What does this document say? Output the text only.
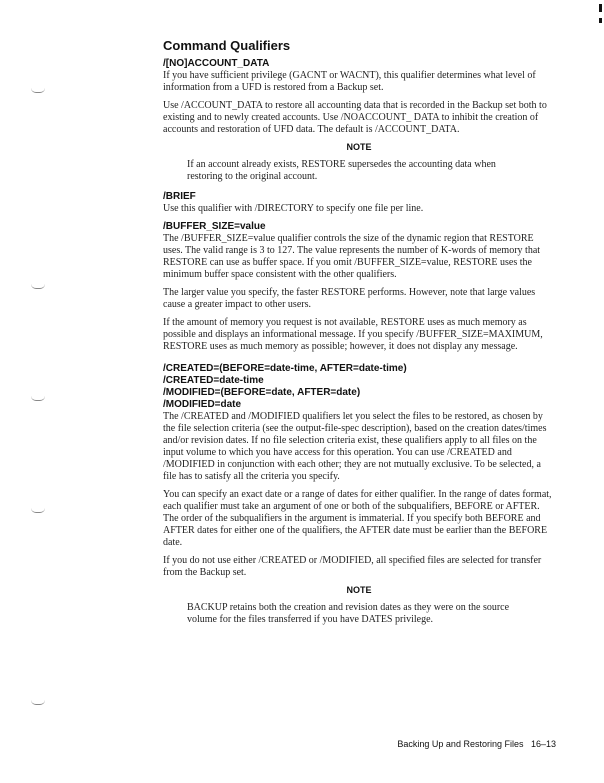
Command Qualifiers
/[NO]ACCOUNT_DATA

If you have sufficient privilege (GACNT or WACNT), this qualifier determines what level of information from a UFD is restored from a Backup set.

Use /ACCOUNT_DATA to restore all accounting data that is recorded in the Backup set both to existing and to newly created accounts. Use /NOACCOUNT_ DATA to inhibit the creation of accounts and restoration of UFD data. The default is /ACCOUNT_DATA.

NOTE
If an account already exists, RESTORE supersedes the accounting data when restoring to the original account.
/BRIEF

Use this qualifier with /DIRECTORY to specify one file per line.

/BUFFER_SIZE=value

The /BUFFER_SIZE=value qualifier controls the size of the dynamic region that RESTORE uses. The valid range is 3 to 127. The value represents the number of K-words of memory that RESTORE can use as buffer space. If you omit /BUFFER_SIZE=value, RESTORE uses the minimum buffer space consistent with the other qualifiers.

The larger value you specify, the faster RESTORE performs. However, note that large values cause a greater impact to other users.

If the amount of memory you request is not available, RESTORE uses as much memory as possible and displays an informational message. If you specify /BUFFER_SIZE=MAXIMUM, RESTORE uses as much memory as possible; however, it does not display any message.

/CREATED=(BEFORE=date-time, AFTER=date-time)
/CREATED=date-time
/MODIFIED=(BEFORE=date, AFTER=date)
/MODIFIED=date

The /CREATED and /MODIFIED qualifiers let you select the files to be restored, as chosen by the file selection criteria (see the output-file-spec description), based on the creation dates/times and/or revision dates. If no file selection criteria exist, these qualifiers apply to all files on the input volume to which you have access for this operation. You can use /CREATED and /MODIFIED in conjunction with each other; they are not mutually exclusive. To be selected, a file has to satisfy all the criteria you specify.

You can specify an exact date or a range of dates for either qualifier. In the range of dates format, each qualifier must take an argument of one or both of the subqualifiers, BEFORE or AFTER. The order of the subqualifiers in the argument is immaterial. If you specify both BEFORE and AFTER dates for either one of the qualifiers, the AFTER date must be earlier than the BEFORE date.

If you do not use either /CREATED or /MODIFIED, all specified files are selected for transfer from the Backup set.

NOTE
BACKUP retains both the creation and revision dates as they were on the source volume for the files transferred if you have DATES privilege.
Backing Up and Restoring Files   16–13
